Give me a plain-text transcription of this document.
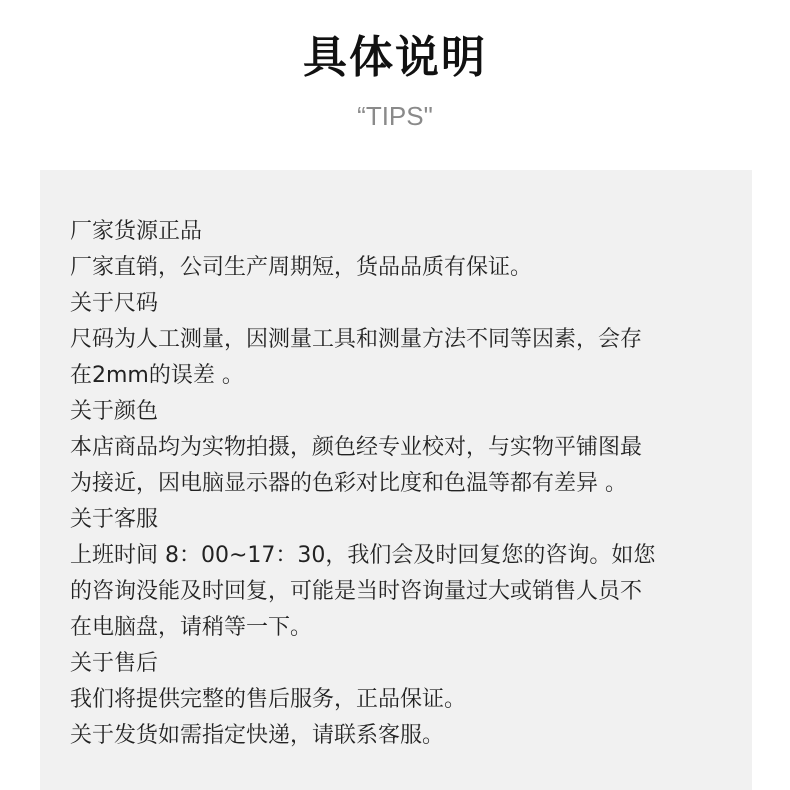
具体说明
“TIPS"
厂家货源正品
厂家直销，公司生产周期短，货品品质有保证。
关于尺码
尺码为人工测量，因测量工具和测量方法不同等因素，会存
在2mm的误差 。
关于颜色
本店商品均为实物拍摄，颜色经专业校对，与实物平铺图最
为接近，因电脑显示器的色彩对比度和色温等都有差异 。
关于客服
上班时间 8：00~17：30，我们会及时回复您的咨询。如您
的咨询没能及时回复，可能是当时咨询量过大或销售人员不
在电脑盘，请稍等一下。
关于售后
我们将提供完整的售后服务，正品保证。
关于发货如需指定快递，请联系客服。
